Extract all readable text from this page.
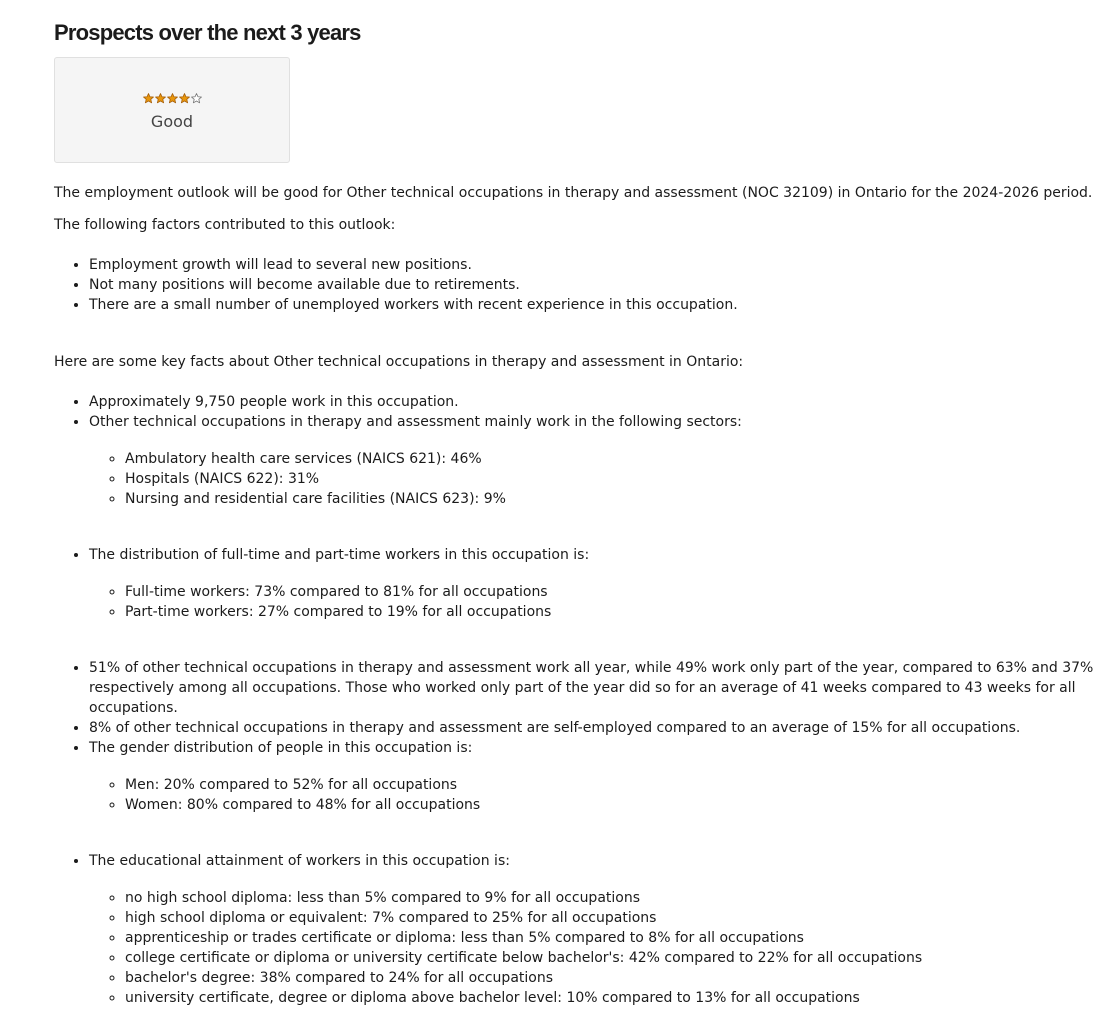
Prospects over the next 3 years
Good

The employment outlook will be good for Other technical occupations in therapy and assessment (NOC 32109) in Ontario for the 2024-2026 period.

The following factors contributed to this outlook:

• Employment growth will lead to several new positions.
• Not many positions will become available due to retirements.
• There are a small number of unemployed workers with recent experience in this occupation.

Here are some key facts about Other technical occupations in therapy and assessment in Ontario:

• Approximately 9,750 people work in this occupation.
• Other technical occupations in therapy and assessment mainly work in the following sectors:
◦ Ambulatory health care services (NAICS 621): 46%
◦ Hospitals (NAICS 622): 31%
◦ Nursing and residential care facilities (NAICS 623): 9%
• The distribution of full-time and part-time workers in this occupation is:
◦ Full-time workers: 73% compared to 81% for all occupations
◦ Part-time workers: 27% compared to 19% for all occupations
• 51% of other technical occupations in therapy and assessment work all year, while 49% work only part of the year, compared to 63% and 37% respectively among all occupations. Those who worked only part of the year did so for an average of 41 weeks compared to 43 weeks for all occupations.
• 8% of other technical occupations in therapy and assessment are self-employed compared to an average of 15% for all occupations.
• The gender distribution of people in this occupation is:
◦ Men: 20% compared to 52% for all occupations
◦ Women: 80% compared to 48% for all occupations
• The educational attainment of workers in this occupation is:
◦ no high school diploma: less than 5% compared to 9% for all occupations
◦ high school diploma or equivalent: 7% compared to 25% for all occupations
◦ apprenticeship or trades certificate or diploma: less than 5% compared to 8% for all occupations
◦ college certificate or diploma or university certificate below bachelor's: 42% compared to 22% for all occupations
◦ bachelor's degree: 38% compared to 24% for all occupations
◦ university certificate, degree or diploma above bachelor level: 10% compared to 13% for all occupations
